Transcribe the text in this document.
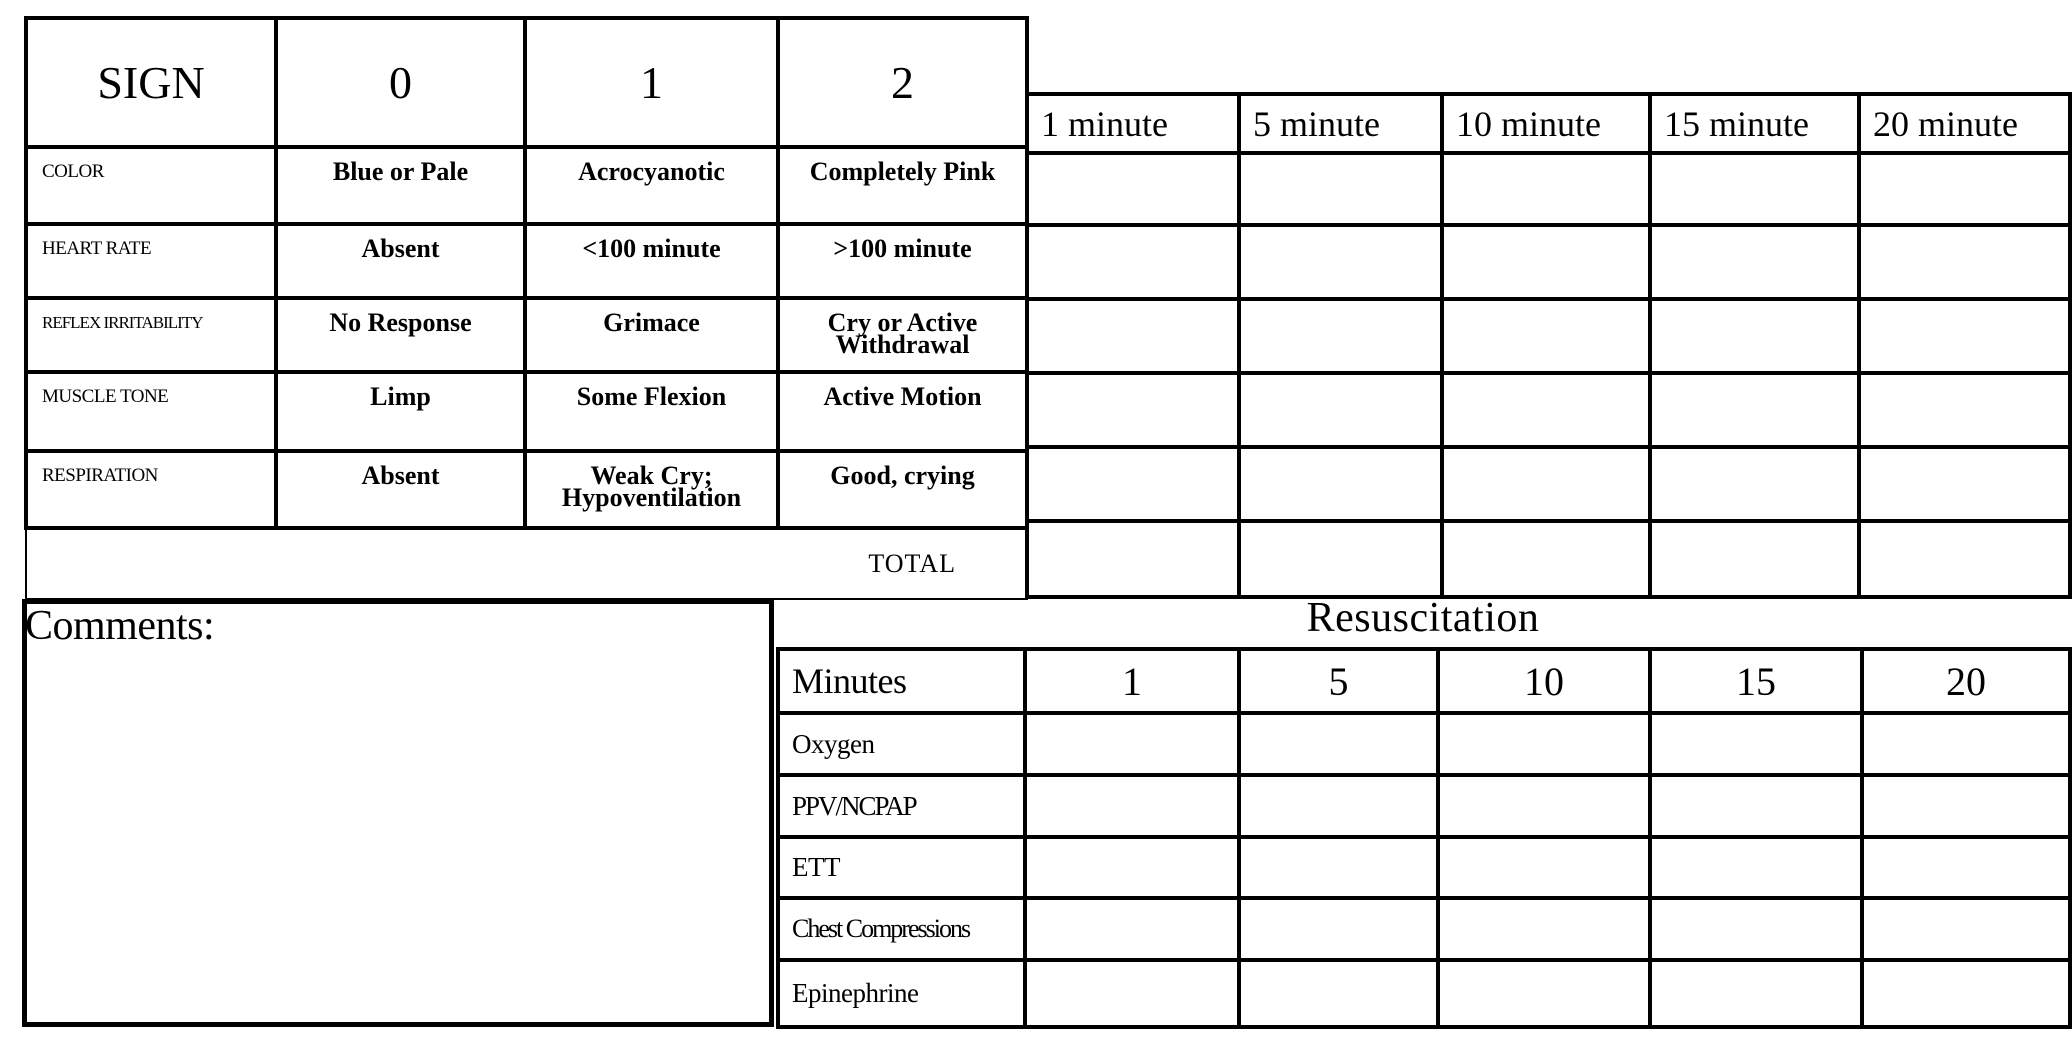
SIGN	0	1	2
COLOR	Blue or Pale	Acrocyanotic	Completely Pink
HEART RATE	Absent	<100 minute	>100 minute
REFLEX IRRITABILITY	No Response	Grimace	Cry or Active Withdrawal
MUSCLE TONE	Limp	Some Flexion	Active Motion
RESPIRATION	Absent	Weak Cry; Hypoventilation	Good, crying
TOTAL			
1 minute	5 minute	10 minute	15 minute	20 minute

Comments:	Resuscitation
Minutes	1	5	10	15	20
Oxygen					
PPV/NCPAP					
ETT					
Chest Compressions					
Epinephrine					
